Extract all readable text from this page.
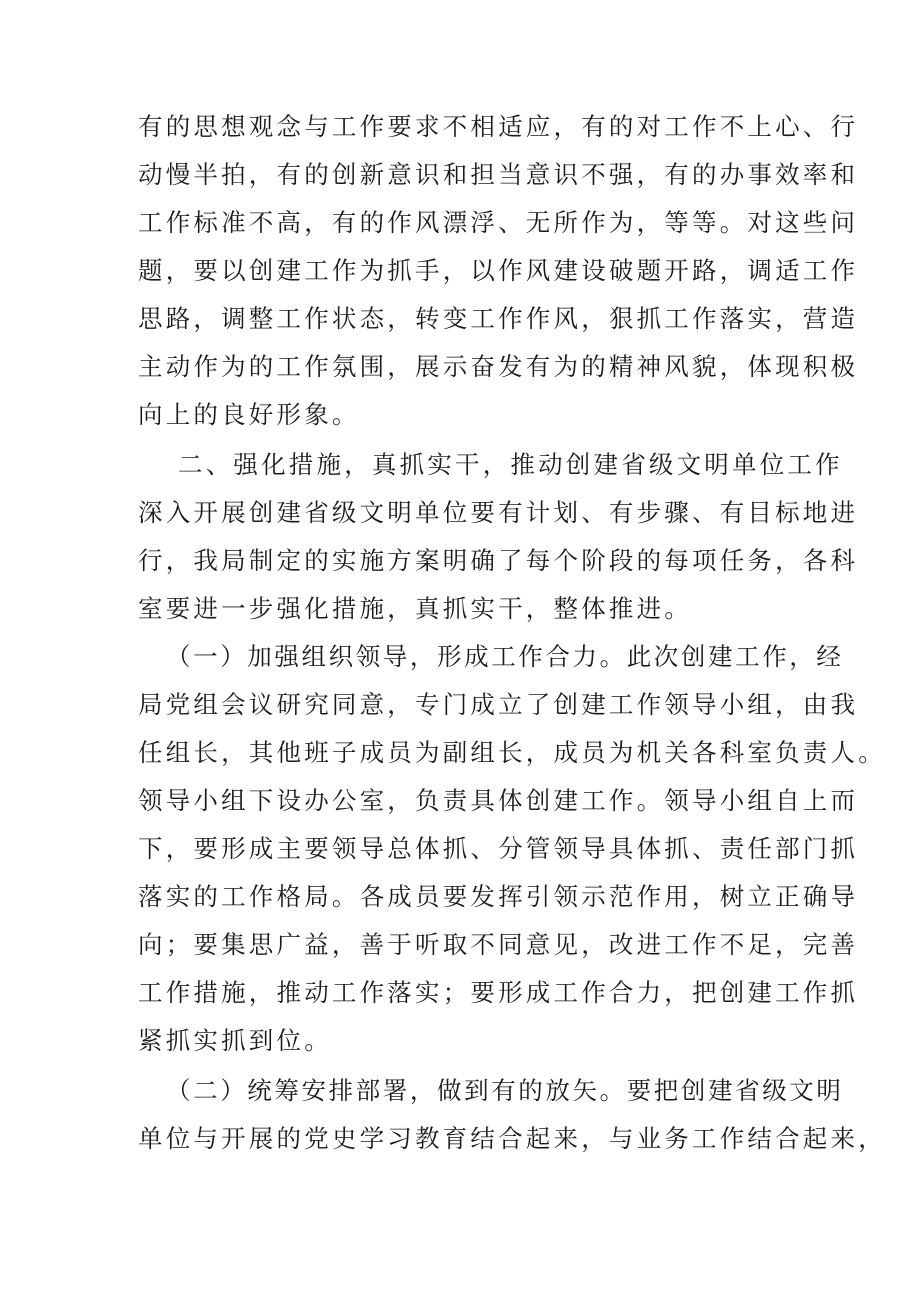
有的思想观念与工作要求不相适应，有的对工作不上心、行
动慢半拍，有的创新意识和担当意识不强，有的办事效率和
工作标准不高，有的作风漂浮、无所作为，等等。对这些问
题，要以创建工作为抓手，以作风建设破题开路，调适工作
思路，调整工作状态，转变工作作风，狠抓工作落实，营造
主动作为的工作氛围，展示奋发有为的精神风貌，体现积极
向上的良好形象。
二、强化措施，真抓实干，推动创建省级文明单位工作
深入开展创建省级文明单位要有计划、有步骤、有目标地进
行，我局制定的实施方案明确了每个阶段的每项任务，各科
室要进一步强化措施，真抓实干，整体推进。
（一）加强组织领导，形成工作合力。此次创建工作，经
局党组会议研究同意，专门成立了创建工作领导小组，由我
任组长，其他班子成员为副组长，成员为机关各科室负责人。
领导小组下设办公室，负责具体创建工作。领导小组自上而
下，要形成主要领导总体抓、分管领导具体抓、责任部门抓
落实的工作格局。各成员要发挥引领示范作用，树立正确导
向；要集思广益，善于听取不同意见，改进工作不足，完善
工作措施，推动工作落实；要形成工作合力，把创建工作抓
紧抓实抓到位。
（二）统筹安排部署，做到有的放矢。要把创建省级文明
单位与开展的党史学习教育结合起来，与业务工作结合起来，
